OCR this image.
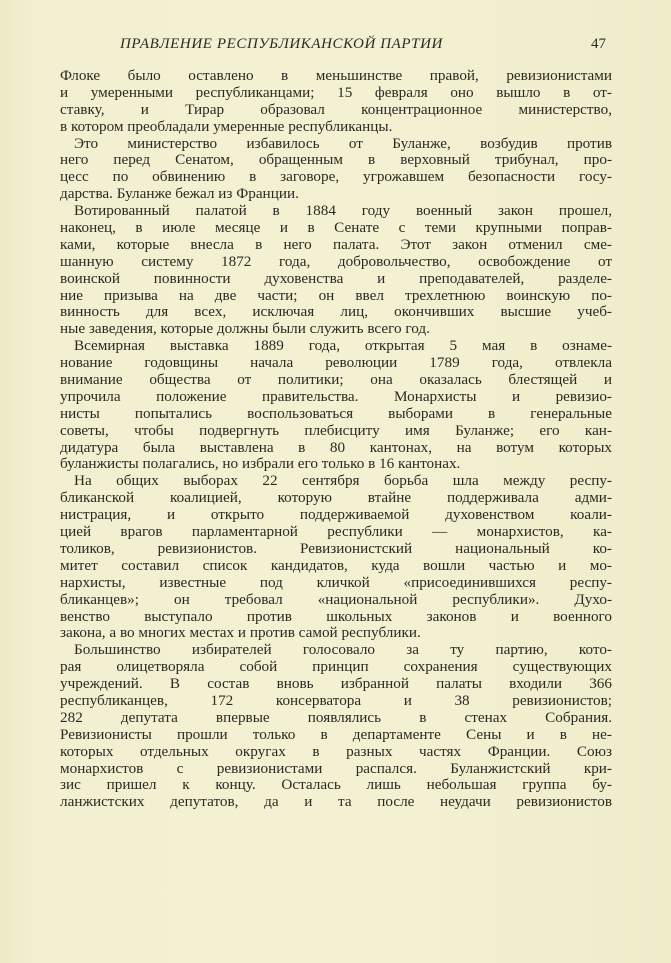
ПРАВЛЕНИЕ РЕСПУБЛИКАНСКОЙ ПАРТИИ	47
Флоке было оставлено в меньшинстве правой, ревизионистами
и умеренными республиканцами; 15 февраля оно вышло в от-
ставку, и Тирар образовал концентрационное министерство,
в котором преобладали умеренные республиканцы.
Это министерство избавилось от Буланже, возбудив против
него перед Сенатом, обращенным в верховный трибунал, про-
цесс по обвинению в заговоре, угрожавшем безопасности госу-
дарства. Буланже бежал из Франции.
Вотированный палатой в 1884 году военный закон прошел,
наконец, в июле месяце и в Сенате с теми крупными поправ-
ками, которые внесла в него палата. Этот закон отменил сме-
шанную систему 1872 года, добровольчество, освобождение от
воинской повинности духовенства и преподавателей, разделе-
ние призыва на две части; он ввел трехлетнюю воинскую по-
винность для всех, исключая лиц, окончивших высшие учеб-
ные заведения, которые должны были служить всего год.
Всемирная выставка 1889 года, открытая 5 мая в ознаме-
нование годовщины начала революции 1789 года, отвлекла
внимание общества от политики; она оказалась блестящей и
упрочила положение правительства. Монархисты и ревизио-
нисты попытались воспользоваться выборами в генеральные
советы, чтобы подвергнуть плебисциту имя Буланже; его кан-
дидатура была выставлена в 80 кантонах, на вотум которых
буланжисты полагались, но избрали его только в 16 кантонах.
На общих выборах 22 сентября борьба шла между респу-
бликанской коалицией, которую втайне поддерживала адми-
нистрация, и открыто поддерживаемой духовенством коали-
цией врагов парламентарной республики — монархистов, ка-
толиков, ревизионистов. Ревизионистский национальный ко-
митет составил список кандидатов, куда вошли частью и мо-
нархисты, известные под кличкой «присоединившихся респу-
бликанцев»; он требовал «национальной республики». Духо-
венство выступало против школьных законов и военного
закона, а во многих местах и против самой республики.
Большинство избирателей голосовало за ту партию, кото-
рая олицетворяла собой принцип сохранения существующих
учреждений. В состав вновь избранной палаты входили 366
республиканцев, 172 консерватора и 38 ревизионистов;
282 депутата впервые появлялись в стенах Собрания.
Ревизионисты прошли только в департаменте Сены и в не-
которых отдельных округах в разных частях Франции. Союз
монархистов с ревизионистами распался. Буланжистский кри-
зис пришел к концу. Осталась лишь небольшая группа бу-
ланжистских депутатов, да и та после неудачи ревизионистов
